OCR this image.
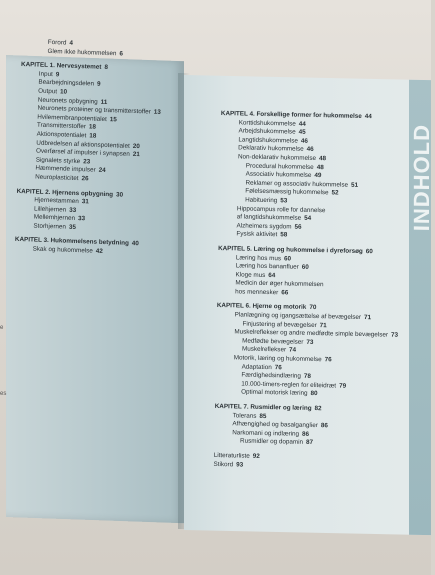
INDHOLD
e
es
Forord 4
Glem ikke hukommelsen 6
KAPITEL 1. Nervesystemet 8
Input 9
Bearbejdningsdelen 9
Output 10
Neuronets opbygning 11
Neuronets proteiner og transmitterstoffer 13
Hvilemembranpotentialet 15
Transmitterstoffer 18
Aktionspotentialet 18
Udbredelsen af aktionspotentialet 20
Overførsel af impulser i synapsen 21
Signalets styrke 23
Hæmmende impulser 24
Neuroplasticitet 26
KAPITEL 2. Hjernens opbygning 30
Hjernestammen 31
Lillehjernen 33
Mellemhjernen 33
Storhjernen 35
KAPITEL 3. Hukommelsens betydning 40
Skak og hukommelse 42
KAPITEL 4. Forskellige former for hukommelse 44
Korttidshukommelse 44
Arbejdshukommelse 45
Langtidshukommelse 46
Deklarativ hukommelse 46
Non-deklarativ hukommelse 48
Procedural hukommelse 48
Associativ hukommelse 49
Reklamer og associativ hukommelse 51
Følelsesmæssig hukommelse 52
Habituering 53
Hippocampus rolle for dannelse
af langtidshukommelse 54
Alzheimers sygdom 56
Fysisk aktivitet 58
KAPITEL 5. Læring og hukommelse i dyreforsøg 60
Læring hos mus 60
Læring hos bananfluer 60
Kloge mus 64
Medicin der øger hukommelsen
hos mennesker 66
KAPITEL 6. Hjerne og motorik 70
Planlægning og igangsættelse af bevægelser 71
Finjustering af bevægelser 71
Muskelreflekser og andre medfødte simple bevægelser 73
Medfødte bevægelser 73
Muskelreflekser 74
Motorik, læring og hukommelse 76
Adaptation 76
Færdighedsindlæring 78
10.000-timers-reglen for eliteidræt 79
Optimal motorisk læring 80
KAPITEL 7. Rusmidler og læring 82
Tolerans 85
Afhængighed og basalganglier 86
Narkomani og indlæring 86
Rusmidler og dopamin 87
Litteraturliste 92
Stikord 93
